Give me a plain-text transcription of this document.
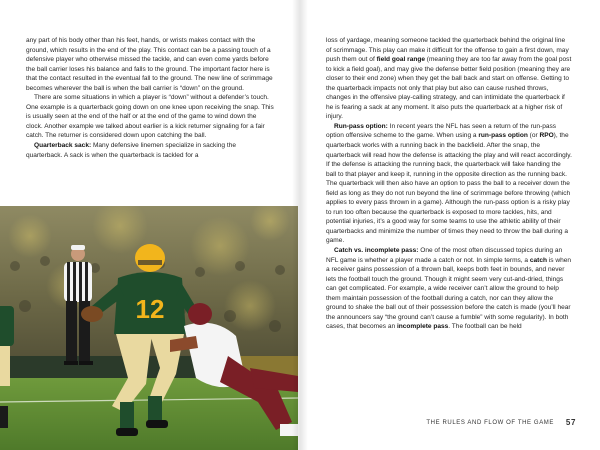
any part of his body other than his feet, hands, or wrists makes contact with the ground, which results in the end of the play. This contact can be a passing touch of a defensive player who otherwise missed the tackle, and can even come yards before the ball carrier loses his balance and falls to the ground. The important factor here is that the contact resulted in the eventual fall to the ground. The new line of scrimmage becomes wherever the ball is when the ball carrier is “down” on the ground.

There are some situations in which a player is “down” without a defender’s touch. One example is a quarterback going down on one knee upon receiving the snap. This is usually seen at the end of the half or at the end of the game to wind down the clock. Another example we talked about earlier is a kick returner signaling for a fair catch. The returner is considered down upon catching the ball.

Quarterback sack: Many defensive linemen specialize in sacking the quarterback. A sack is when the quarterback is tackled for a

12

loss of yardage, meaning someone tackled the quarterback behind the original line of scrimmage. This play can make it difficult for the offense to gain a first down, may push them out of field goal range (meaning they are too far away from the goal post to kick a field goal), and may give the defense better field position (meaning they are closer to their end zone) when they get the ball back and start on offense. Getting to the quarterback impacts not only that play but also can cause rushed throws, changes in the offensive play-calling strategy, and can intimidate the quarterback if he is fearing a sack at any moment. It also puts the quarterback at a higher risk of injury.

Run-pass option: In recent years the NFL has seen a return of the run-pass option offensive scheme to the game. When using a run-pass option (or RPO), the quarterback works with a running back in the backfield. After the snap, the quarterback will read how the defense is attacking the play and will react accordingly. If the defense is attacking the running back, the quarterback will fake handing the ball to that player and keep it, running in the opposite direction as the running back. The quarterback will then also have an option to pass the ball to a receiver down the field as long as they do not run beyond the line of scrimmage before throwing (which applies to every pass thrown in a game). Although the run-pass option is a risky play to run too often because the quarterback is exposed to more tackles, hits, and potential injuries, it’s a good way for some teams to use the athletic ability of their quarterbacks and minimize the number of times they need to throw the ball during a game.

Catch vs. incomplete pass: One of the most often discussed topics during an NFL game is whether a player made a catch or not. In simple terms, a catch is when a receiver gains possession of a thrown ball, keeps both feet in bounds, and never lets the football touch the ground. Though it might seem very cut-and-dried, things can get complicated. For example, a wide receiver can’t allow the ground to help them maintain possession of the football during a catch, nor can they allow the ground to shake the ball out of their possession before the catch is made (you’ll hear the announcers say “the ground can’t cause a fumble” with some regularity). In both cases, that becomes an incomplete pass. The football can be held

THE RULES AND FLOW OF THE GAME 57
